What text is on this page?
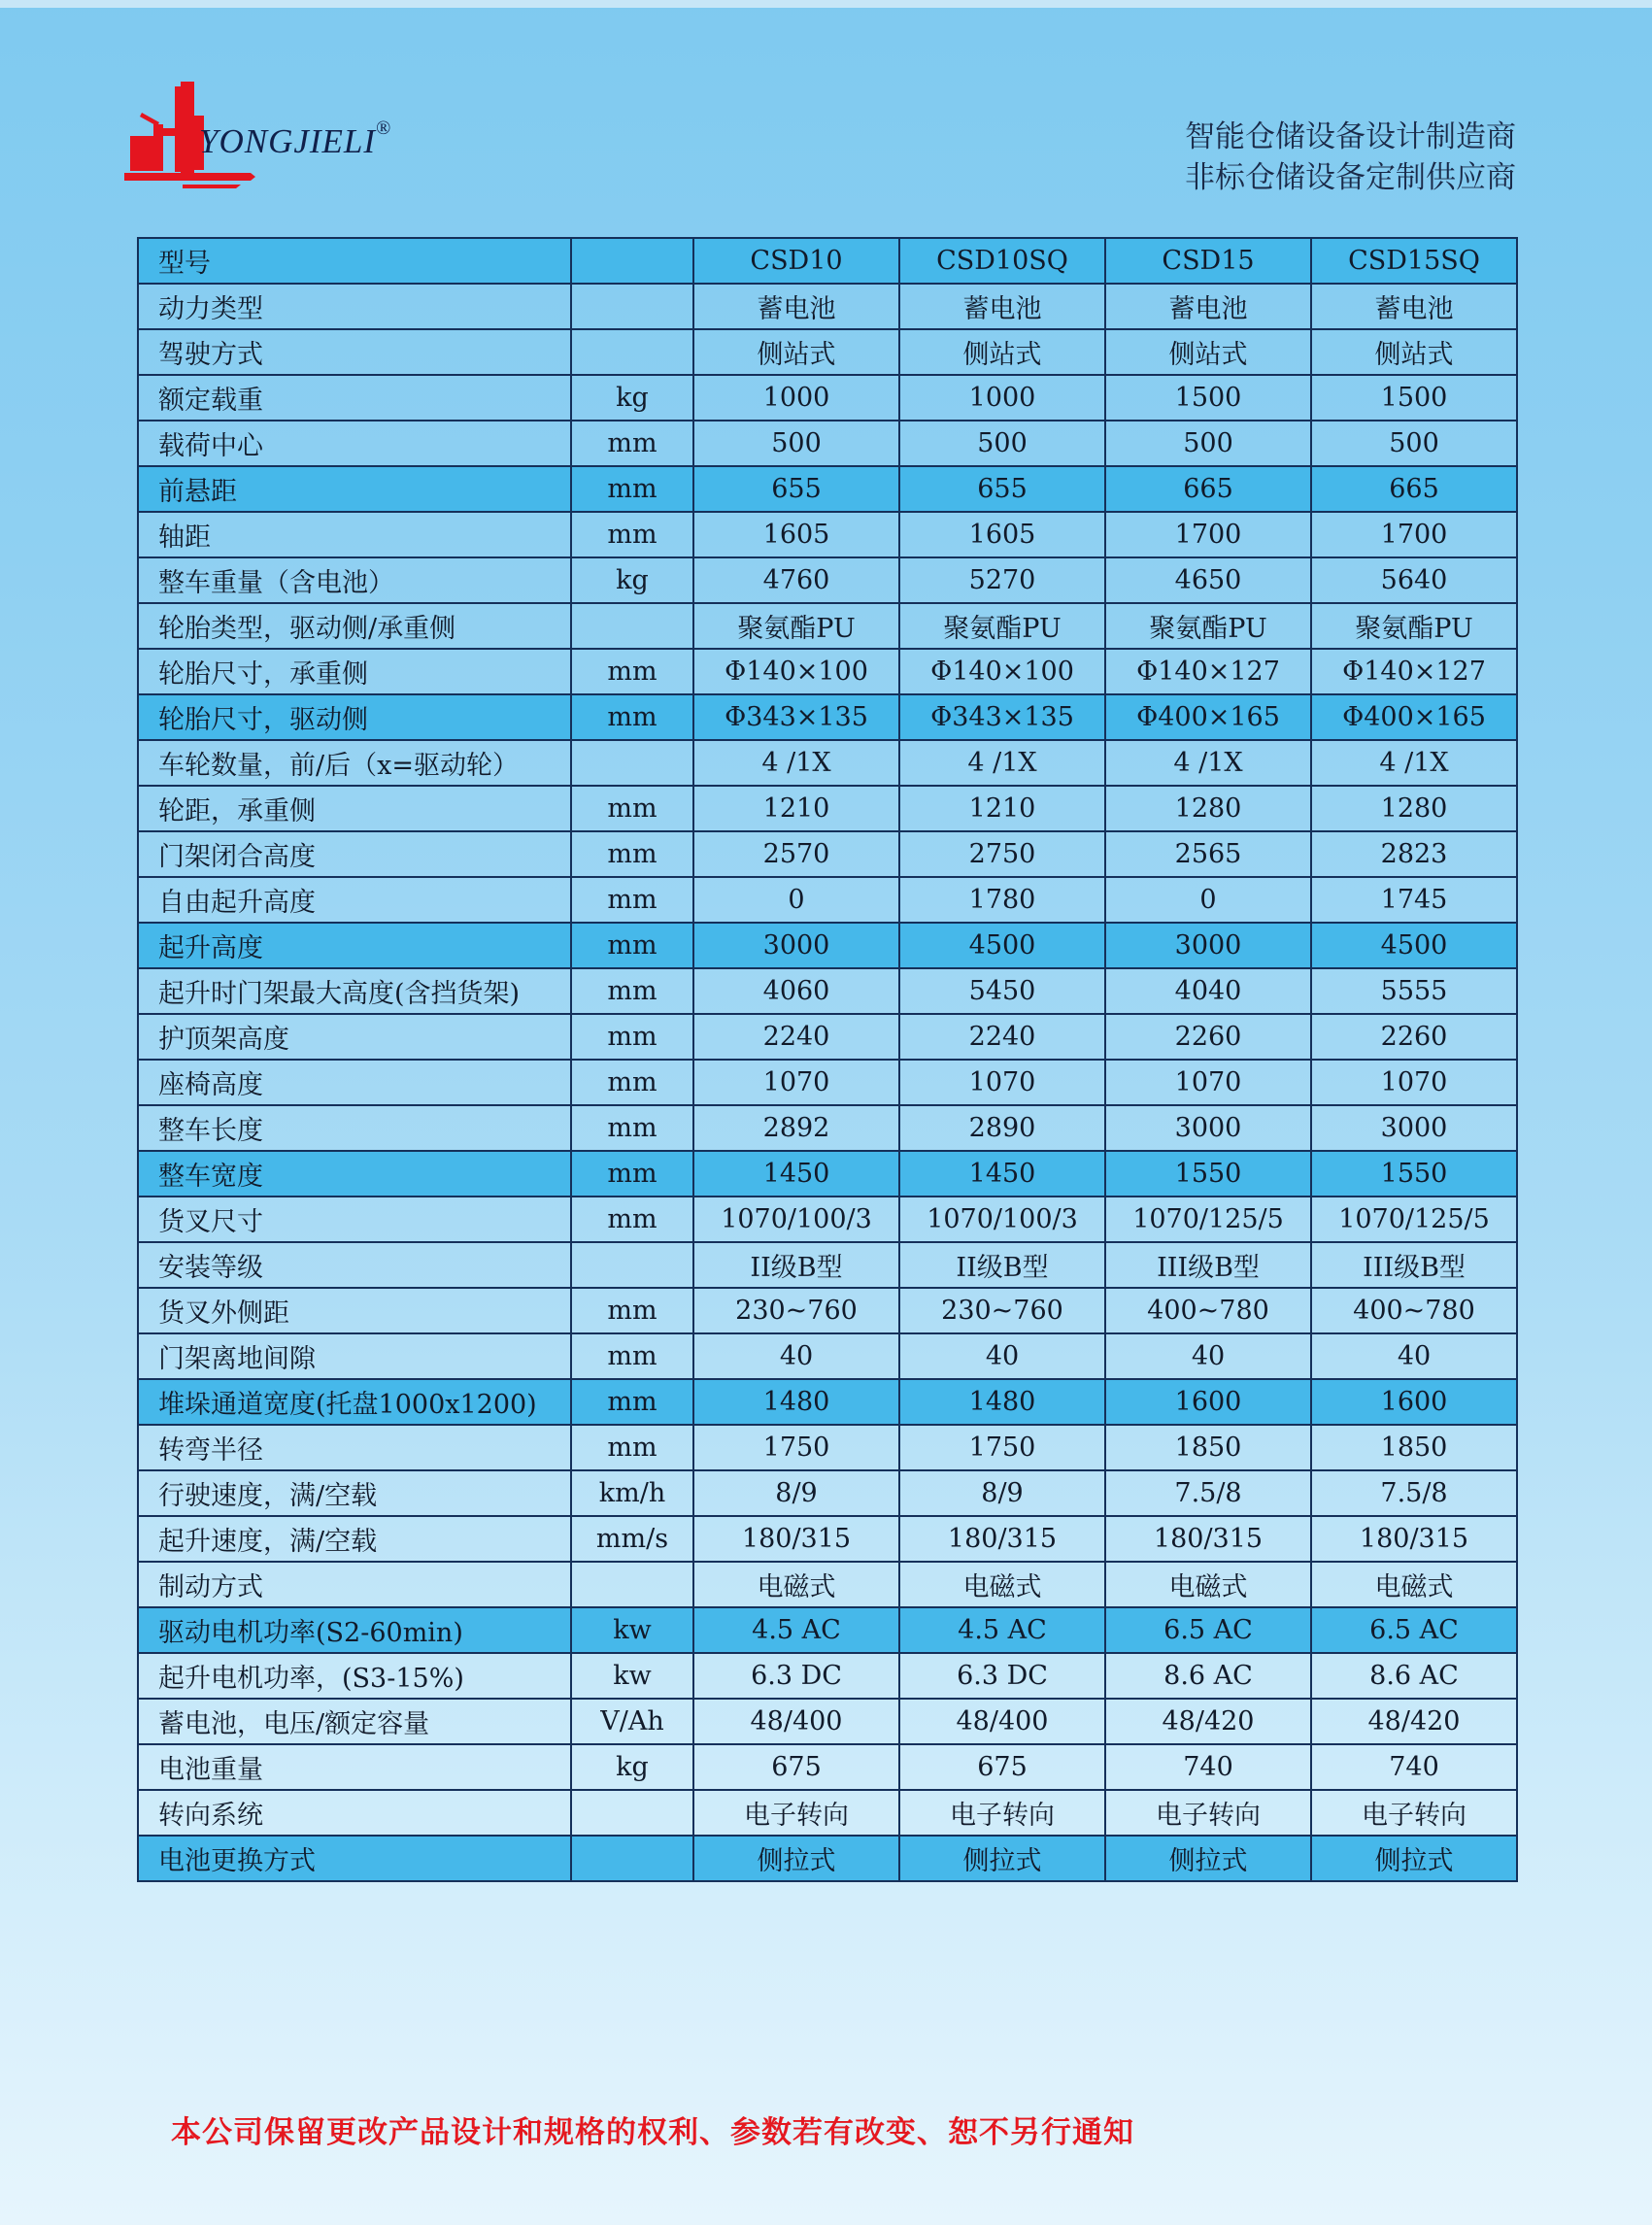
YONGJIELI®	智能仓储设备设计制造商
非标仓储设备定制供应商
型号		CSD10	CSD10SQ	CSD15	CSD15SQ
动力类型		蓄电池	蓄电池	蓄电池	蓄电池
驾驶方式		侧站式	侧站式	侧站式	侧站式
额定载重	kg	1000	1000	1500	1500
载荷中心	mm	500	500	500	500
前悬距	mm	655	655	665	665
轴距	mm	1605	1605	1700	1700
整车重量（含电池）	kg	4760	5270	4650	5640
轮胎类型，驱动侧/承重侧		聚氨酯PU	聚氨酯PU	聚氨酯PU	聚氨酯PU
轮胎尺寸，承重侧	mm	Φ140×100	Φ140×100	Φ140×127	Φ140×127
轮胎尺寸，驱动侧	mm	Φ343×135	Φ343×135	Φ400×165	Φ400×165
车轮数量，前/后（x=驱动轮）		4 /1X	4 /1X	4 /1X	4 /1X
轮距，承重侧	mm	1210	1210	1280	1280
门架闭合高度	mm	2570	2750	2565	2823
自由起升高度	mm	0	1780	0	1745
起升高度	mm	3000	4500	3000	4500
起升时门架最大高度(含挡货架)	mm	4060	5450	4040	5555
护顶架高度	mm	2240	2240	2260	2260
座椅高度	mm	1070	1070	1070	1070
整车长度	mm	2892	2890	3000	3000
整车宽度	mm	1450	1450	1550	1550
货叉尺寸	mm	1070/100/3	1070/100/3	1070/125/5	1070/125/5
安装等级		II级B型	II级B型	III级B型	III级B型
货叉外侧距	mm	230~760	230~760	400~780	400~780
门架离地间隙	mm	40	40	40	40
堆垛通道宽度(托盘1000x1200)	mm	1480	1480	1600	1600
转弯半径	mm	1750	1750	1850	1850
行驶速度，满/空载	km/h	8/9	8/9	7.5/8	7.5/8
起升速度，满/空载	mm/s	180/315	180/315	180/315	180/315
制动方式		电磁式	电磁式	电磁式	电磁式
驱动电机功率(S2-60min)	kw	4.5 AC	4.5 AC	6.5 AC	6.5 AC
起升电机功率，(S3-15%)	kw	6.3 DC	6.3 DC	8.6 AC	8.6 AC
蓄电池，电压/额定容量	V/Ah	48/400	48/400	48/420	48/420
电池重量	kg	675	675	740	740
转向系统		电子转向	电子转向	电子转向	电子转向
电池更换方式		侧拉式	侧拉式	侧拉式	侧拉式
本公司保留更改产品设计和规格的权利、参数若有改变、恕不另行通知
